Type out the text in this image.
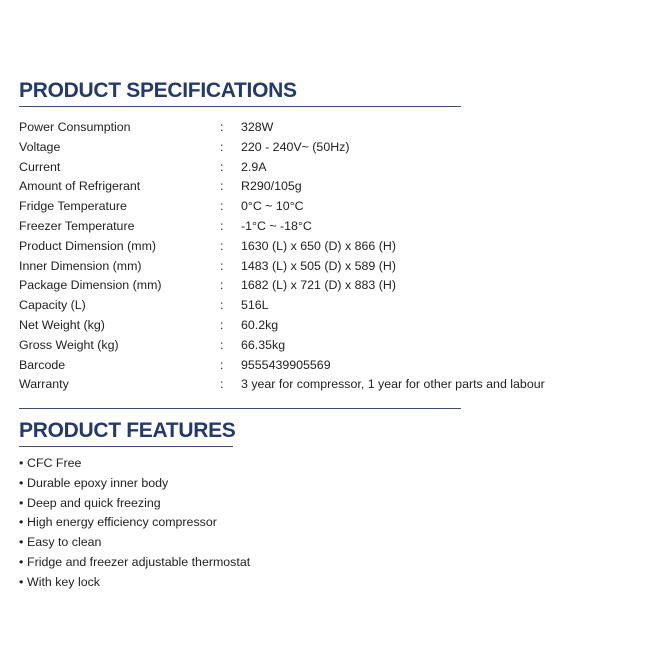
PRODUCT SPECIFICATIONS
Power Consumption	: 328W
Voltage	: 220 - 240V~ (50Hz)
Current	: 2.9A
Amount of Refrigerant	: R290/105g
Fridge Temperature	: 0°C ~ 10°C
Freezer Temperature	: -1°C ~ -18°C
Product Dimension (mm)	: 1630 (L) x 650 (D) x 866 (H)
Inner Dimension (mm)	: 1483 (L) x 505 (D) x 589 (H)
Package Dimension (mm)	: 1682 (L) x 721 (D) x 883 (H)
Capacity (L)	: 516L
Net Weight (kg)	: 60.2kg
Gross Weight (kg)	: 66.35kg
Barcode	: 9555439905569
Warranty	: 3 year for compressor, 1 year for other parts and labour
PRODUCT FEATURES
• CFC Free
• Durable epoxy inner body
• Deep and quick freezing
• High energy efficiency compressor
• Easy to clean
• Fridge and freezer adjustable thermostat
• With key lock
